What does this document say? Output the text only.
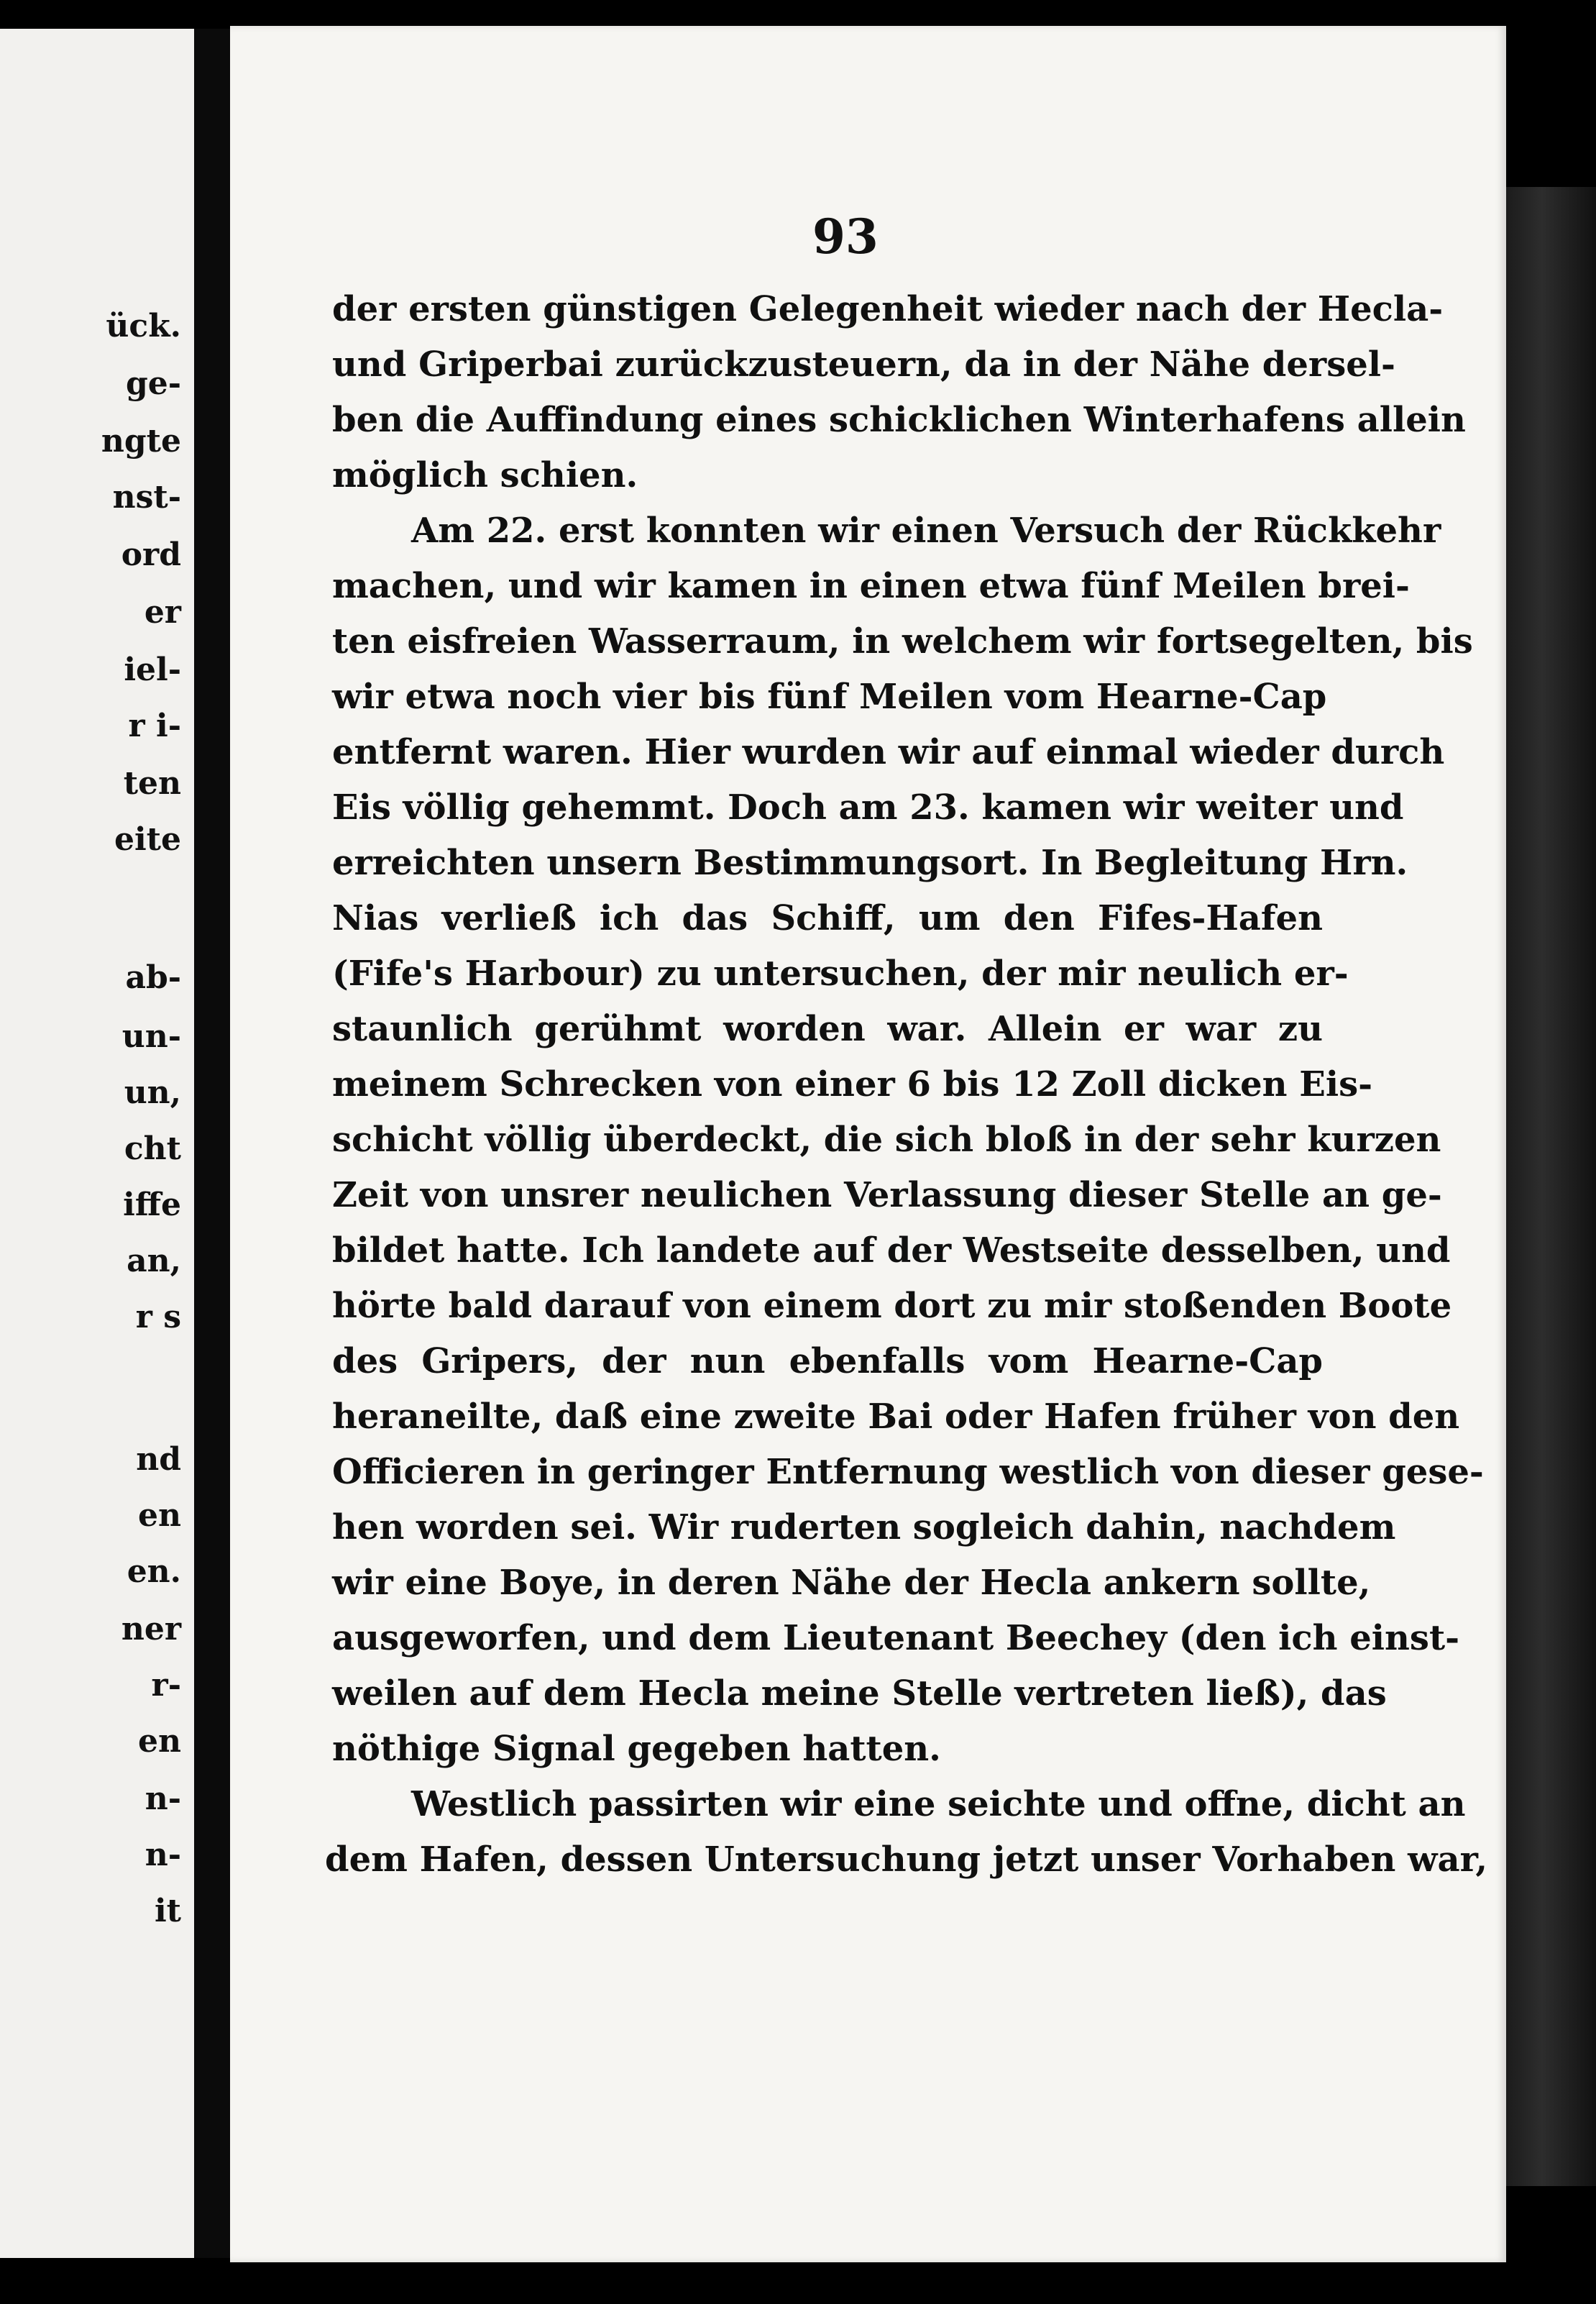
ück.

ge-

ngte

nst-

ord

er

iel-

r i-

ten

eite

ab-

un-

un,

cht

iffe

an,

r s

nd

en

en.

ner

r-

en

n-

n-

it

93

der ersten günstigen Gelegenheit wieder nach der Hecla-

und Griperbai zurückzusteuern, da in der Nähe dersel-

ben die Auffindung eines schicklichen Winterhafens allein

möglich schien.

Am 22. erst konnten wir einen Versuch der Rückkehr

machen, und wir kamen in einen etwa fünf Meilen brei-

ten eisfreien Wasserraum, in welchem wir fortsegelten, bis

wir etwa noch vier bis fünf Meilen vom Hearne-Cap

entfernt waren. Hier wurden wir auf einmal wieder durch

Eis völlig gehemmt. Doch am 23. kamen wir weiter und

erreichten unsern Bestimmungsort. In Begleitung Hrn.

Nias verließ ich das Schiff, um den Fifes-Hafen

(Fife's Harbour) zu untersuchen, der mir neulich er-

staunlich gerühmt worden war. Allein er war zu

meinem Schrecken von einer 6 bis 12 Zoll dicken Eis-

schicht völlig überdeckt, die sich bloß in der sehr kurzen

Zeit von unsrer neulichen Verlassung dieser Stelle an ge-

bildet hatte. Ich landete auf der Westseite desselben, und

hörte bald darauf von einem dort zu mir stoßenden Boote

des Gripers, der nun ebenfalls vom Hearne-Cap

heraneilte, daß eine zweite Bai oder Hafen früher von den

Officieren in geringer Entfernung westlich von dieser gese-

hen worden sei. Wir ruderten sogleich dahin, nachdem

wir eine Boye, in deren Nähe der Hecla ankern sollte,

ausgeworfen, und dem Lieutenant Beechey (den ich einst-

weilen auf dem Hecla meine Stelle vertreten ließ), das

nöthige Signal gegeben hatten.

Westlich passirten wir eine seichte und offne, dicht an

dem Hafen, dessen Untersuchung jetzt unser Vorhaben war,
